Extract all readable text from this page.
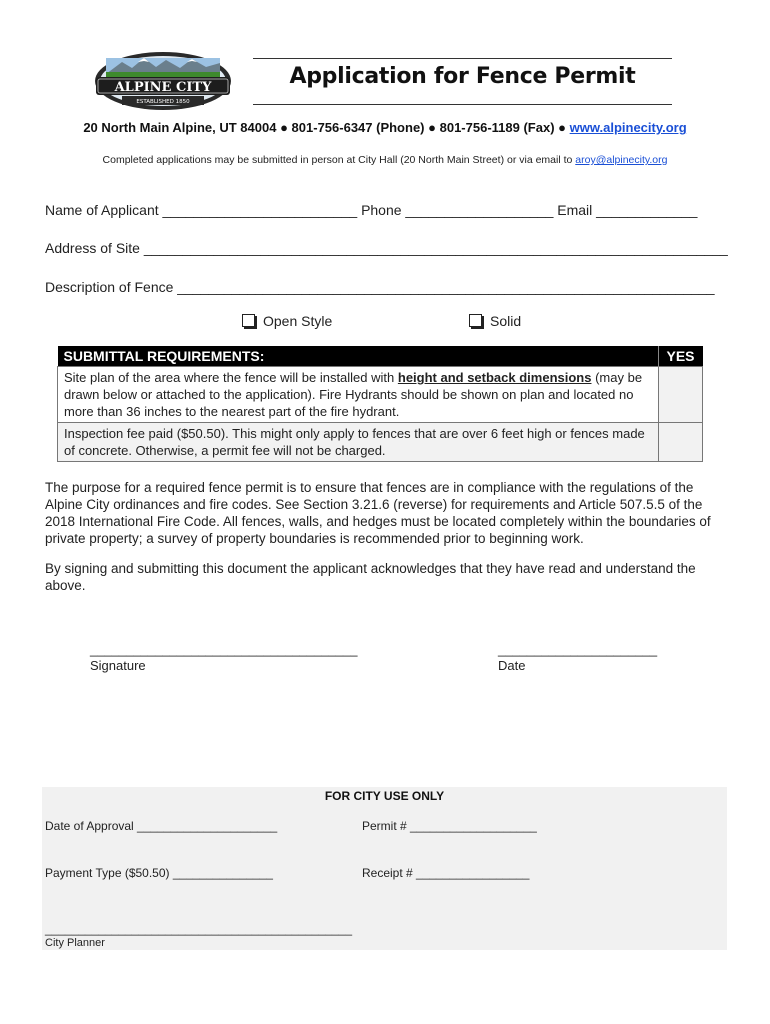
ALPINE CITY
ESTABLISHED 1850
Application for Fence Permit
20 North Main Alpine, UT 84004 ● 801-756-6347 (Phone) ● 801-756-1189 (Fax) ● www.alpinecity.org
Completed applications may be submitted in person at City Hall (20 North Main Street) or via email to aroy@alpinecity.org
Name of Applicant _________________________ Phone ___________________ Email _____________
Address of Site ___________________________________________________________________________
Description of Fence _____________________________________________________________________
Open Style	Solid
SUBMITTAL REQUIREMENTS:	YES
Site plan of the area where the fence will be installed with height and setback dimensions (may be drawn below or attached to the application). Fire Hydrants should be shown on plan and located no more than 36 inches to the nearest part of the fire hydrant.	
Inspection fee paid ($50.50). This might only apply to fences that are over 6 feet high or fences made of concrete. Otherwise, a permit fee will not be charged.	
The purpose for a required fence permit is to ensure that fences are in compliance with the regulations of the Alpine City ordinances and fire codes. See Section 3.21.6 (reverse) for requirements and Article 507.5.5 of the 2018 International Fire Code. All fences, walls, and hedges must be located completely within the boundaries of private property; a survey of property boundaries is recommended prior to beginning work.
By signing and submitting this document the applicant acknowledges that they have read and understand the above.
_____________________________________
Signature
______________________
Date
FOR CITY USE ONLY
Date of Approval _____________________	Permit # ___________________
Payment Type ($50.50) _______________	Receipt # _________________
______________________________________________
City Planner
